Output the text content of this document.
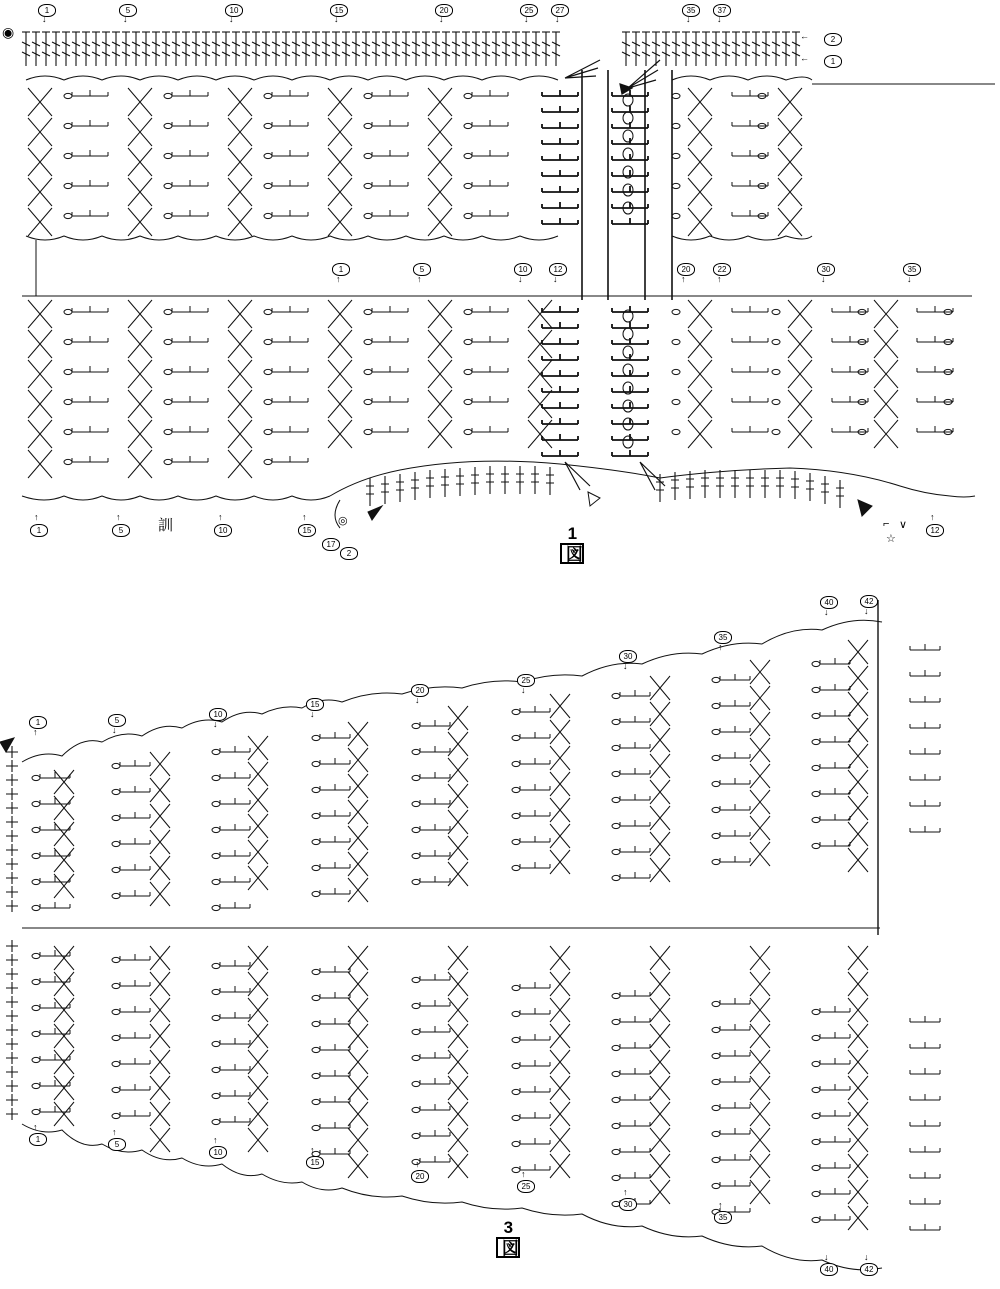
1図
3図
1	5	10	15	20	25	27	35	37
↓	↓	↓	↓	↓	↓	↓	↓	↓
2
1
←
←
1	5	10	12	20	22	30	35
↑	↑	↓	↓	↑	↑	↓	↓
1	5	10	15
17
2
12
↑	↑	↑	↑	↑
1	5
10
15
20
25
30
35
40	42
↑	↓
↓
↓
↓
↓
↓
↑
↓	↓
1
5
10
15
20
25
30
35
40	42
↑	↑
↑
↑
↑
↑
↑
↑
↓	↓
◉
訓
☆
∨
⌐
◎
